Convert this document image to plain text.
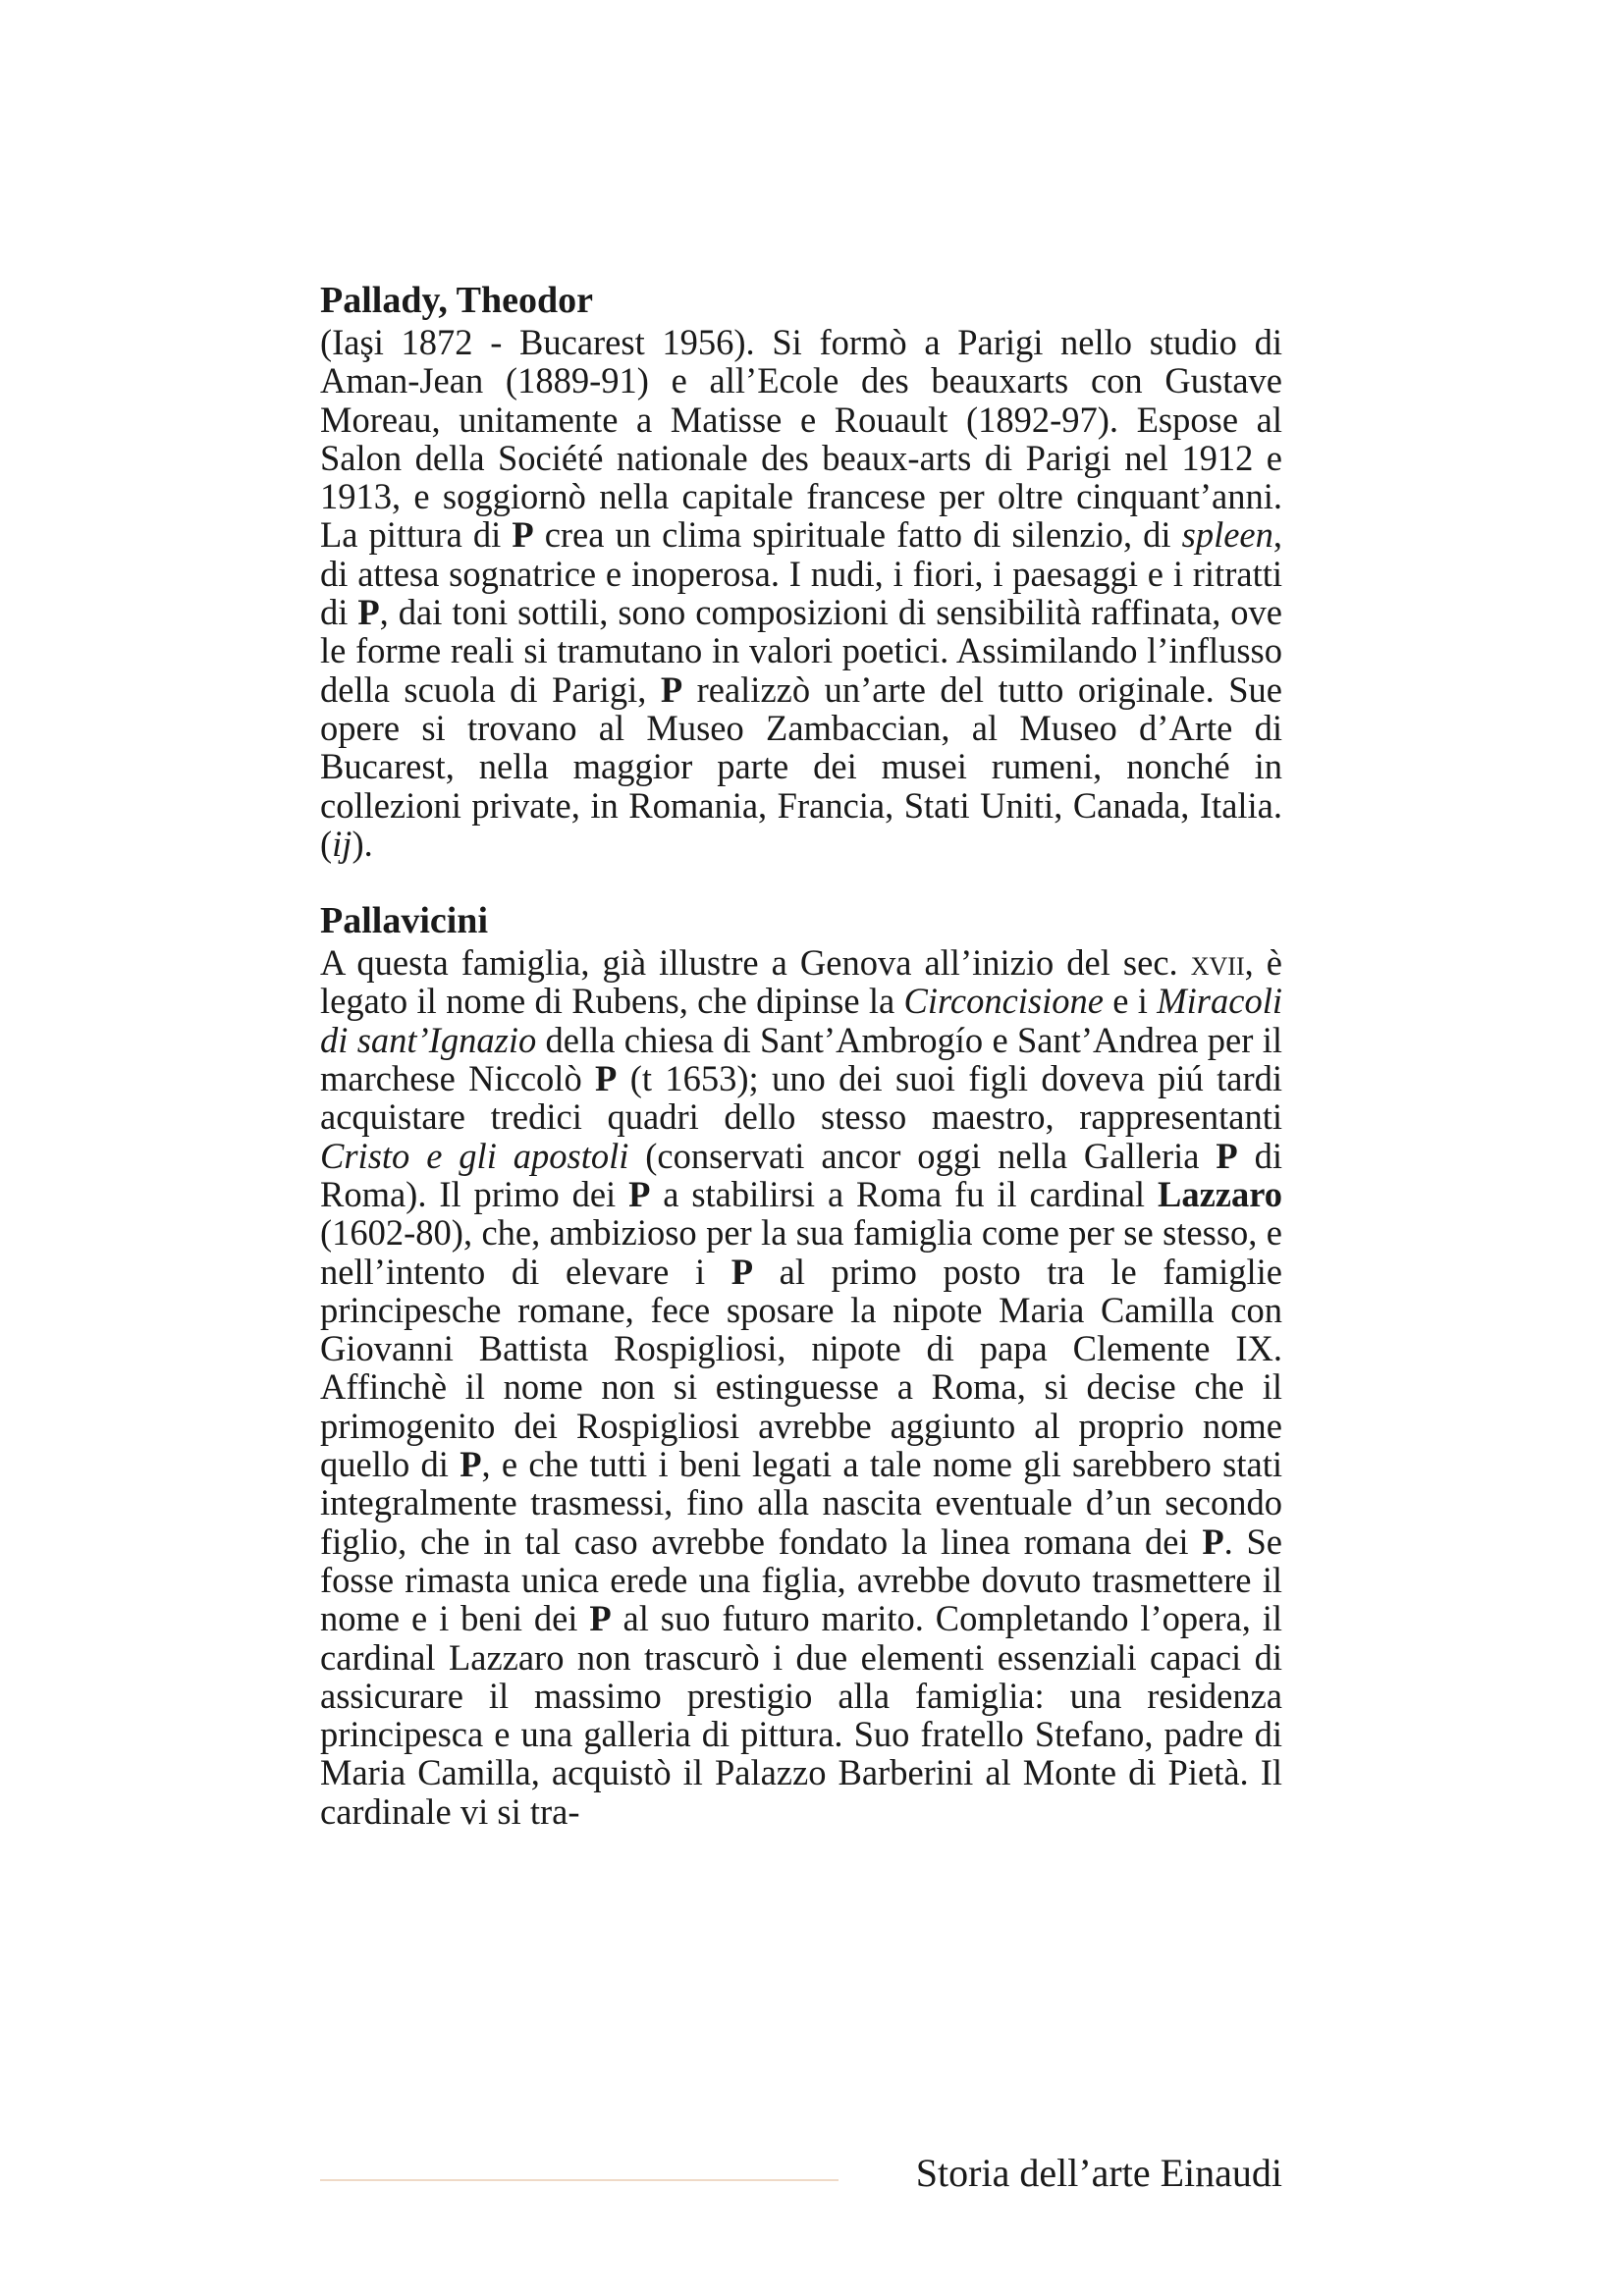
Pallady, Theodor

(Iaşi 1872 - Bucarest 1956). Si formò a Parigi nello studio di Aman-Jean (1889-91) e all’Ecole des beauxarts con Gustave Moreau, unitamente a Matisse e Rouault (1892-97). Espose al Salon della Société nationale des beaux-arts di Parigi nel 1912 e 1913, e soggiornò nella capitale francese per oltre cinquant’anni. La pittura di P crea un clima spirituale fatto di silenzio, di spleen, di attesa sognatrice e inoperosa. I nudi, i fiori, i paesaggi e i ritratti di P, dai toni sottili, sono composizioni di sensibilità raffinata, ove le forme reali si tramutano in valori poetici. Assimilando l’influsso della scuola di Parigi, P realizzò un’arte del tutto originale. Sue opere si trovano al Museo Zambaccian, al Museo d’Arte di Bucarest, nella maggior parte dei musei rumeni, nonché in collezioni private, in Romania, Francia, Stati Uniti, Canada, Italia. (ij).

Pallavicini

A questa famiglia, già illustre a Genova all’inizio del sec. xvii, è legato il nome di Rubens, che dipinse la Circoncisione e i Miracoli di sant’Ignazio della chiesa di Sant’Ambrogío e Sant’Andrea per il marchese Niccolò P (t 1653); uno dei suoi figli doveva piú tardi acquistare tredici quadri dello stesso maestro, rappresentanti Cristo e gli apostoli (conservati ancor oggi nella Galleria P di Roma). Il primo dei P a stabilirsi a Roma fu il cardinal Lazzaro (1602-80), che, ambizioso per la sua famiglia come per se stesso, e nell’intento di elevare i P al primo posto tra le famiglie principesche romane, fece sposare la nipote Maria Camilla con Giovanni Battista Rospigliosi, nipote di papa Clemente IX. Affinchè il nome non si estinguesse a Roma, si decise che il primogenito dei Rospigliosi avrebbe aggiunto al proprio nome quello di P, e che tutti i beni legati a tale nome gli sarebbero stati integralmente trasmessi, fino alla nascita eventuale d’un secondo figlio, che in tal caso avrebbe fondato la linea romana dei P. Se fosse rimasta unica erede una figlia, avrebbe dovuto trasmettere il nome e i beni dei P al suo futuro marito. Completando l’opera, il cardinal Lazzaro non trascurò i due elementi essenziali capaci di assicurare il massimo prestigio alla famiglia: una residenza principesca e una galleria di pittura. Suo fratello Stefano, padre di Maria Camilla, acquistò il Palazzo Barberini al Monte di Pietà. Il cardinale vi si tra-

Storia dell’arte Einaudi
